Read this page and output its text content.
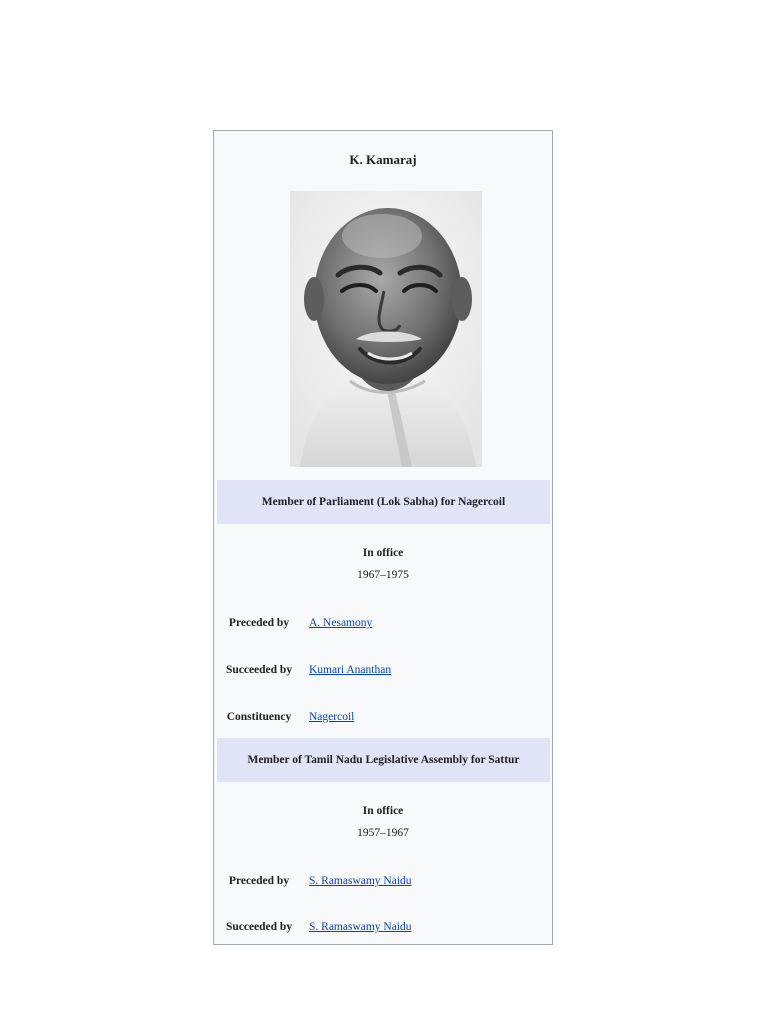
K. Kamaraj
Member of Parliament (Lok Sabha) for Nagercoil
In office
1967–1975
Preceded by	A. Nesamony
Succeeded by	Kumari Ananthan
Constituency	Nagercoil
Member of Tamil Nadu Legislative Assembly for Sattur
In office
1957–1967
Preceded by	S. Ramaswamy Naidu
Succeeded by	S. Ramaswamy Naidu
